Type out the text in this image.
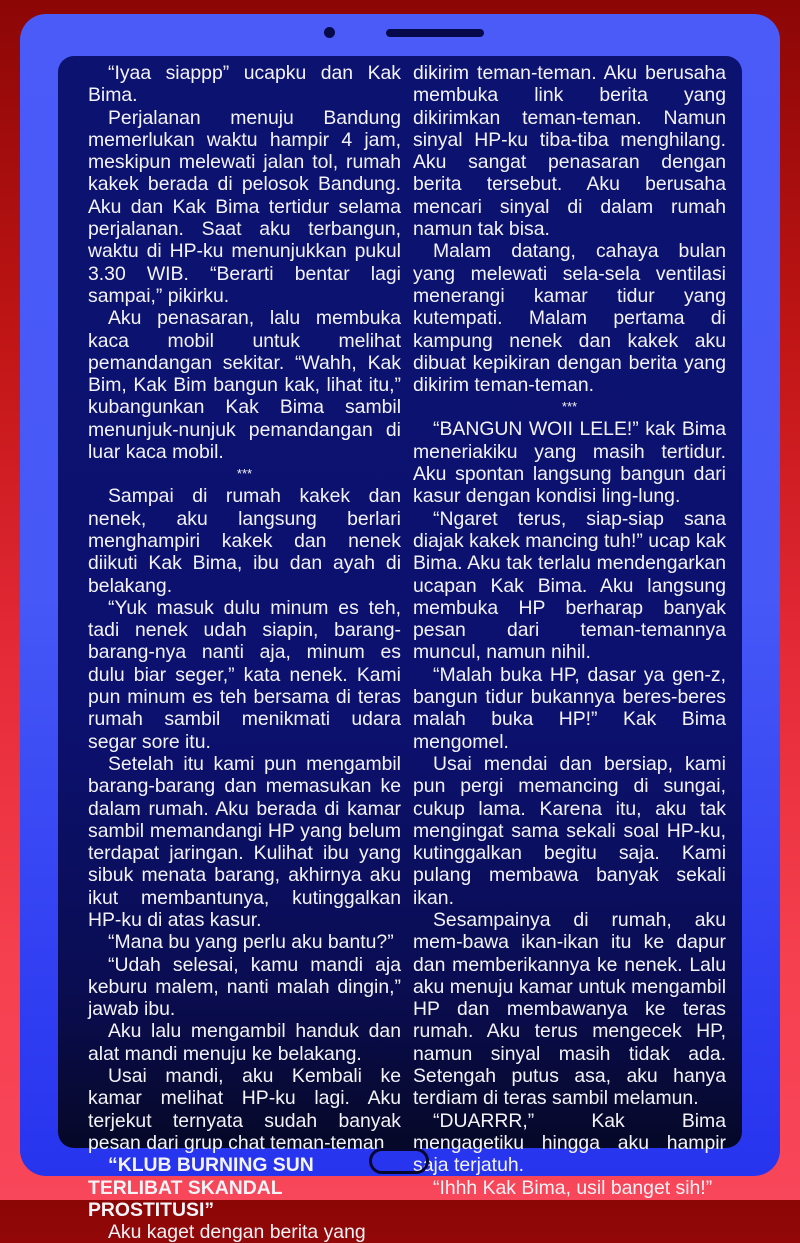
“Iyaa siappp” ucapku dan Kak Bima.

Perjalanan menuju Bandung memerlukan waktu hampir 4 jam, meskipun melewati jalan tol, rumah kakek berada di pelosok Bandung. Aku dan Kak Bima tertidur selama perjalanan. Saat aku terbangun, waktu di HP-ku menunjukkan pukul 3.30 WIB. “Berarti bentar lagi sampai,” pikirku.

Aku penasaran, lalu membuka kaca mobil untuk melihat pemandangan sekitar. “Wahh, Kak Bim, Kak Bim bangun kak, lihat itu,” kubangunkan Kak Bima sambil menunjuk-nunjuk pemandangan di luar kaca mobil.

***

Sampai di rumah kakek dan nenek, aku langsung berlari menghampiri kakek dan nenek diikuti Kak Bima, ibu dan ayah di belakang.

“Yuk masuk dulu minum es teh, tadi nenek udah siapin, barang-barang-nya nanti aja, minum es dulu biar seger,” kata nenek. Kami pun minum es teh bersama di teras rumah sambil menikmati udara segar sore itu.

Setelah itu kami pun mengambil barang-barang dan memasukan ke dalam rumah. Aku berada di kamar sambil memandangi HP yang belum terdapat jaringan. Kulihat ibu yang sibuk menata barang, akhirnya aku ikut membantunya, kutinggalkan HP-ku di atas kasur.

“Mana bu yang perlu aku bantu?”

“Udah selesai, kamu mandi aja keburu malem, nanti malah dingin,” jawab ibu.

Aku lalu mengambil handuk dan alat mandi menuju ke belakang.

Usai mandi, aku Kembali ke kamar melihat HP-ku lagi. Aku terjekut ternyata sudah banyak pesan dari grup chat teman-teman

“KLUB BURNING SUN TERLIBAT SKANDAL PROSTITUSI”

Aku kaget dengan berita yang

dikirim teman-teman. Aku berusaha membuka link berita yang dikirimkan teman-teman. Namun sinyal HP-ku tiba-tiba menghilang. Aku sangat penasaran dengan berita tersebut. Aku berusaha mencari sinyal di dalam rumah namun tak bisa.

Malam datang, cahaya bulan yang melewati sela-sela ventilasi menerangi kamar tidur yang kutempati. Malam pertama di kampung nenek dan kakek aku dibuat kepikiran dengan berita yang dikirim teman-teman.

***

“BANGUN WOII LELE!” kak Bima meneriakiku yang masih tertidur. Aku spontan langsung bangun dari kasur dengan kondisi ling-lung.

“Ngaret terus, siap-siap sana diajak kakek mancing tuh!” ucap kak Bima. Aku tak terlalu mendengarkan ucapan Kak Bima. Aku langsung membuka HP berharap banyak pesan dari teman-temannya muncul, namun nihil.

“Malah buka HP, dasar ya gen-z, bangun tidur bukannya beres-beres malah buka HP!” Kak Bima mengomel.

Usai mendai dan bersiap, kami pun pergi memancing di sungai, cukup lama. Karena itu, aku tak mengingat sama sekali soal HP-ku, kutinggalkan begitu saja. Kami pulang membawa banyak sekali ikan.

Sesampainya di rumah, aku mem-bawa ikan-ikan itu ke dapur dan memberikannya ke nenek. Lalu aku menuju kamar untuk mengambil HP dan membawanya ke teras rumah. Aku terus mengecek HP, namun sinyal masih tidak ada. Setengah putus asa, aku hanya terdiam di teras sambil melamun.

“DUARRR,” Kak Bima mengagetiku hingga aku hampir saja terjatuh.

“Ihhh Kak Bima, usil banget sih!”
